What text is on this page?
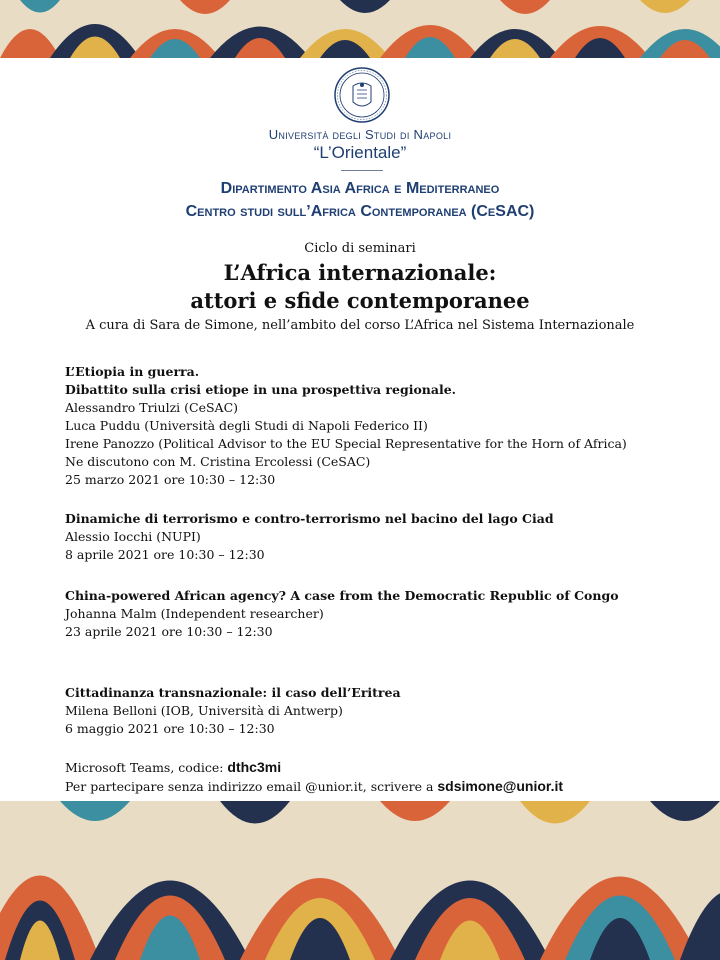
Università degli Studi di Napoli
“L’Orientale”
Dipartimento Asia Africa e Mediterraneo
Centro studi sull’Africa Contemporanea (CeSAC)
Ciclo di seminari
L’Africa internazionale:
attori e sfide contemporanee
A cura di Sara de Simone, nell’ambito del corso L’Africa nel Sistema Internazionale
L’Etiopia in guerra.
Dibattito sulla crisi etiope in una prospettiva regionale.
Alessandro Triulzi (CeSAC)
Luca Puddu (Università degli Studi di Napoli Federico II)
Irene Panozzo (Political Advisor to the EU Special Representative for the Horn of Africa)
Ne discutono con M. Cristina Ercolessi (CeSAC)
25 marzo 2021 ore 10:30 – 12:30
Dinamiche di terrorismo e contro-terrorismo nel bacino del lago Ciad
Alessio Iocchi (NUPI)
8 aprile 2021 ore 10:30 – 12:30
China-powered African agency? A case from the Democratic Republic of Congo
Johanna Malm (Independent researcher)
23 aprile 2021 ore 10:30 – 12:30
Cittadinanza transnazionale: il caso dell’Eritrea
Milena Belloni (IOB, Università di Antwerp)
6 maggio 2021 ore 10:30 – 12:30
Microsoft Teams, codice: dthc3mi
Per partecipare senza indirizzo email @unior.it, scrivere a sdsimone@unior.it
